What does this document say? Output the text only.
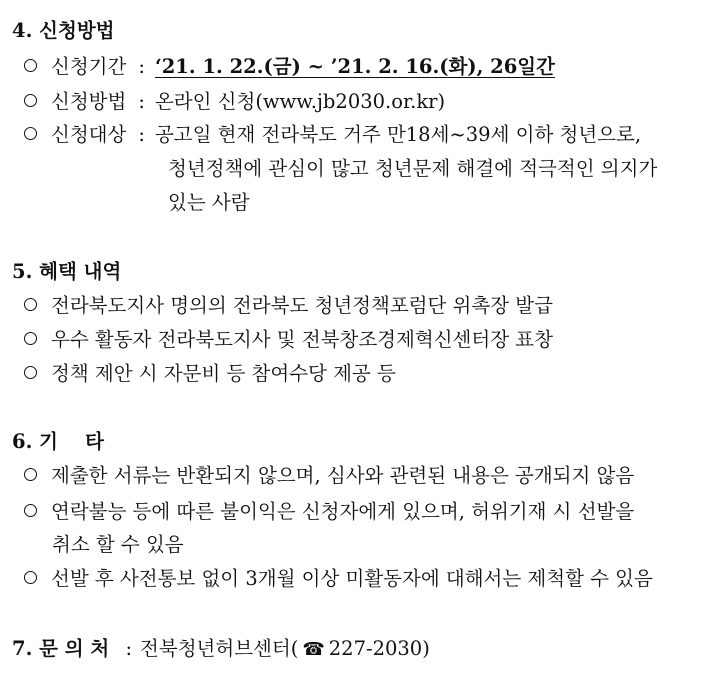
4. 신청방법
신청기간 : ‘21. 1. 22.(금) ~ ’21. 2. 16.(화), 26일간
신청방법 : 온라인 신청(www.jb2030.or.kr)
신청대상 : 공고일 현재 전라북도 거주 만18세~39세 이하 청년으로,
청년정책에 관심이 많고 청년문제 해결에 적극적인 의지가
있는 사람
5. 혜택 내역
전라북도지사 명의의 전라북도 청년정책포럼단 위촉장 발급
우수 활동자 전라북도지사 및 전북창조경제혁신센터장 표창
정책 제안 시 자문비 등 참여수당 제공 등
6. 기    타
제출한 서류는 반환되지 않으며, 심사와 관련된 내용은 공개되지 않음
연락불능 등에 따른 불이익은 신청자에게 있으며, 허위기재 시 선발을
취소 할 수 있음
선발 후 사전통보 없이 3개월 이상 미활동자에 대해서는 제척할 수 있음
7. 문 의 처 : 전북청년허브센터( ☎ 227-2030)
